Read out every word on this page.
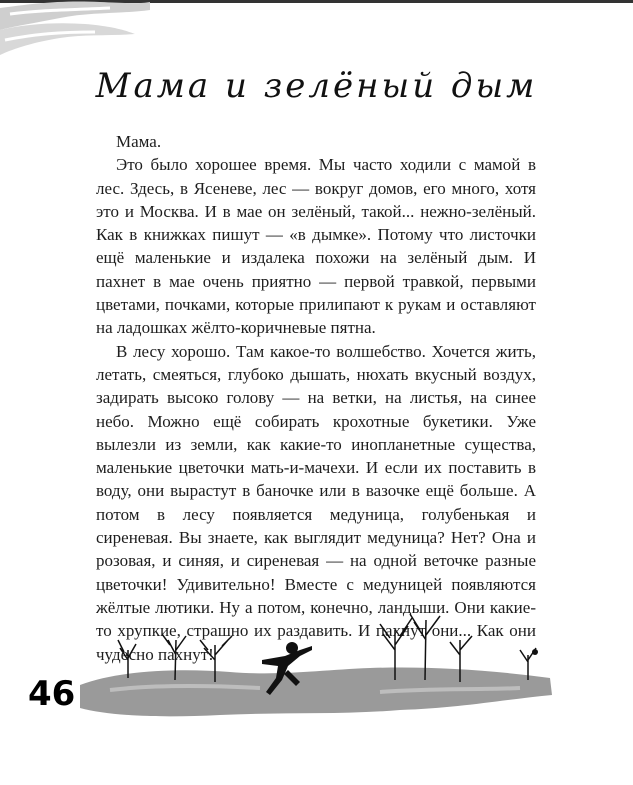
Мама и зелёный дым

Мама.

Это было хорошее время. Мы часто ходили с мамой в лес. Здесь, в Ясеневе, лес — вокруг домов, его много, хотя это и Москва. И в мае он зелёный, такой... нежно-зелёный. Как в книжках пишут — «в дымке». Потому что листочки ещё маленькие и издалека похожи на зелёный дым. И пахнет в мае очень приятно — первой травкой, первыми цветами, почками, которые прилипают к рукам и оставляют на ладошках жёлто-коричневые пятна.

В лесу хорошо. Там какое-то волшебство. Хочется жить, летать, смеяться, глубоко дышать, нюхать вкусный воздух, задирать высоко голову — на ветки, на листья, на синее небо. Можно ещё собирать крохотные букетики. Уже вылезли из земли, как какие-то инопланетные существа, маленькие цветочки мать-и-мачехи. И если их поставить в воду, они вырастут в баночке или в вазочке ещё больше. А потом в лесу появляется медуница, голубенькая и сиреневая. Вы знаете, как выглядит медуница? Нет? Она и розовая, и синяя, и сиреневая — на одной веточке разные цветочки! Удивительно! Вместе с медуницей появляются жёлтые лютики. Ну а потом, конечно, ландыши. Они какие-то хрупкие, страшно их раздавить. И пахнут они... Как они чудесно пахнут!

46
